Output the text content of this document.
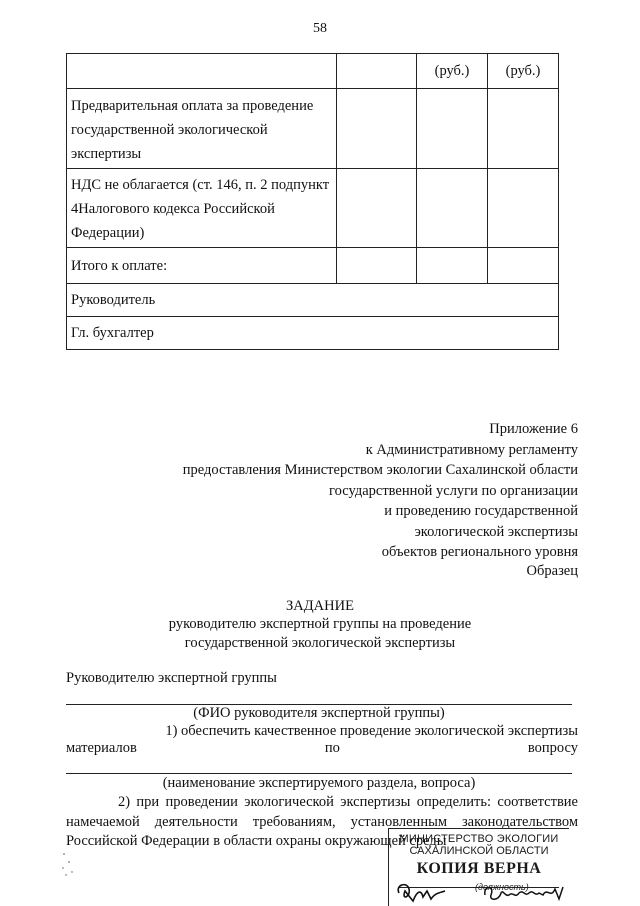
58
		(руб.)	(руб.)
Предварительная оплата за проведение государственной экологической экспертизы			
НДС не облагается (ст. 146, п. 2 подпункт 4Налогового кодекса Российской Федерации)			
Итого к оплате:			
Руководитель			
Гл. бухгалтер			
Приложение 6
к Административному регламенту
предоставления Министерством экологии Сахалинской области
государственной услуги по организации
и проведению государственной
экологической экспертизы
объектов регионального уровня
Образец
ЗАДАНИЕ
руководителю экспертной группы на проведение
государственной экологической экспертизы
Руководителю экспертной группы
(ФИО руководителя экспертной группы)
1) обеспечить качественное проведение экологической экспертизы
материалов	по	вопросу
(наименование экспертируемого раздела, вопроса)
2) при проведении экологической экспертизы определить: соответствие намечаемой деятельности требованиям, установленным законодательством Российской Федерации в области охраны окружающей среды
МИНИСТЕРСТВО ЭКОЛОГИИ
САХАЛИНСКОЙ ОБЛАСТИ
КОПИЯ ВЕРНА
(должность)
